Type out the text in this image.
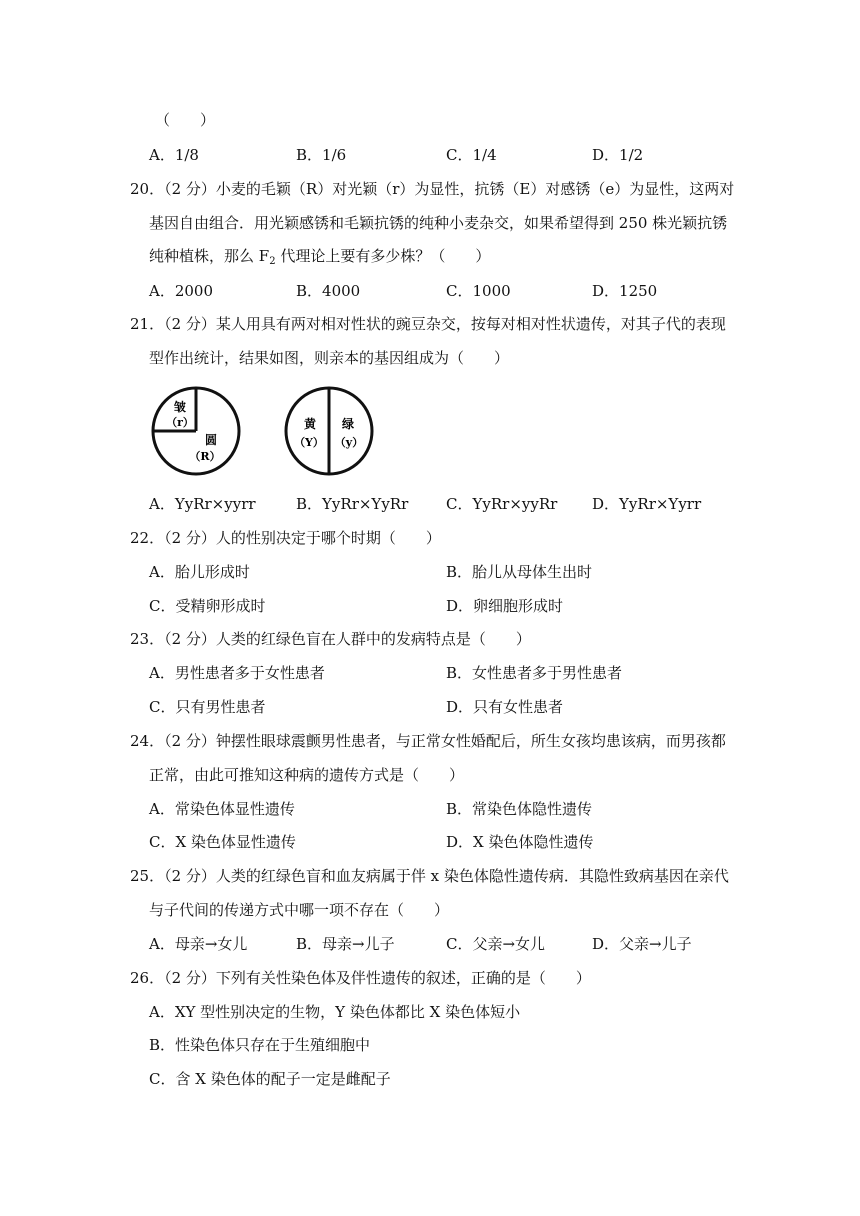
（　　）
A．1/8	B．1/6	C．1/4	D．1/2
20．（2 分）小麦的毛颖（R）对光颖（r）为显性，抗锈（E）对感锈（e）为显性，这两对
基因自由组合．用光颖感锈和毛颖抗锈的纯种小麦杂交，如果希望得到 250 株光颖抗锈
纯种植株，那么 $F_2$ 代理论上要有多少株？（　　）
A．2000	B．4000	C．1000	D．1250
21．（2 分）某人用具有两对相对性状的豌豆杂交，按每对相对性状遗传，对其子代的表现
型作出统计，结果如图，则亲本的基因组成为（　　）
皱
（r）
圆
（R）
黄
（Y）
绿
（y）
A．YyRr×yyrr	B．YyRr×YyRr	C．YyRr×yyRr D．YyRr×Yyrr
22．（2 分）人的性别决定于哪个时期（　　）
A．胎儿形成时	B．胎儿从母体生出时
C．受精卵形成时	D．卵细胞形成时
23．（2 分）人类的红绿色盲在人群中的发病特点是（　　）
A．男性患者多于女性患者	B．女性患者多于男性患者
C．只有男性患者	D．只有女性患者
24．（2 分）钟摆性眼球震颤男性患者，与正常女性婚配后，所生女孩均患该病，而男孩都
正常，由此可推知这种病的遗传方式是（　　）
A．常染色体显性遗传	B．常染色体隐性遗传
C．X 染色体显性遗传	D．X 染色体隐性遗传
25．（2 分）人类的红绿色盲和血友病属于伴 x 染色体隐性遗传病．其隐性致病基因在亲代
与子代间的传递方式中哪一项不存在（　　）
A．母亲→女儿	B．母亲→儿子	C．父亲→女儿	D．父亲→儿子
26．（2 分）下列有关性染色体及伴性遗传的叙述，正确的是（　　）
A．XY 型性别决定的生物，Y 染色体都比 X 染色体短小
B．性染色体只存在于生殖细胞中
C．含 X 染色体的配子一定是雌配子
